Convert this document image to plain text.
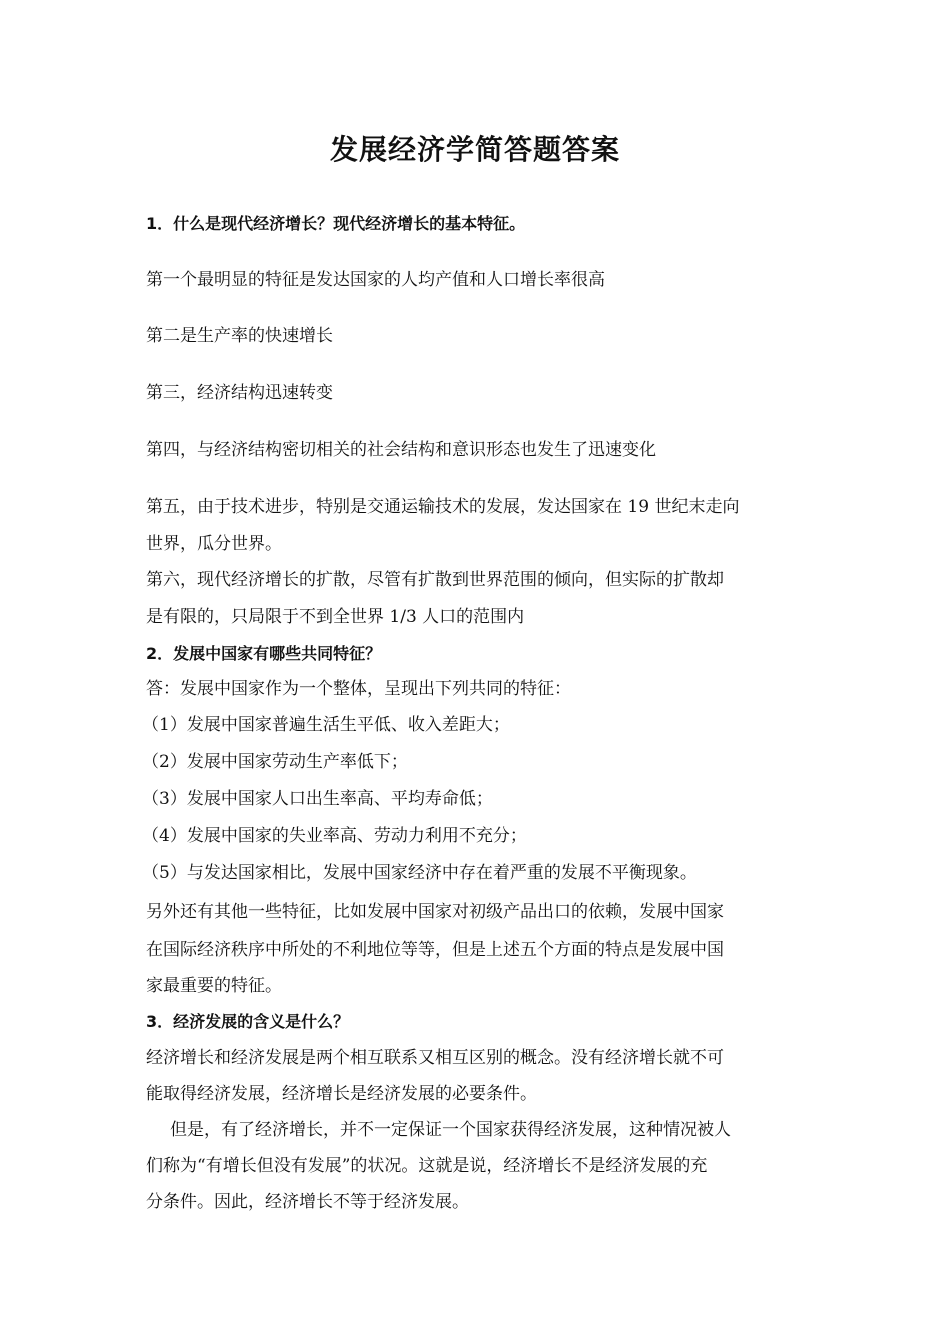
发展经济学简答题答案

1．什么是现代经济增长？现代经济增长的基本特征。

第一个最明显的特征是发达国家的人均产值和人口增长率很高

第二是生产率的快速增长

第三，经济结构迅速转变

第四，与经济结构密切相关的社会结构和意识形态也发生了迅速变化

第五，由于技术进步，特别是交通运输技术的发展，发达国家在 19 世纪末走向

世界，瓜分世界。

第六，现代经济增长的扩散，尽管有扩散到世界范围的倾向，但实际的扩散却

是有限的，只局限于不到全世界 1/3 人口的范围内

2．发展中国家有哪些共同特征？

答：发展中国家作为一个整体，呈现出下列共同的特征：

（1）发展中国家普遍生活生平低、收入差距大；

（2）发展中国家劳动生产率低下；

（3）发展中国家人口出生率高、平均寿命低；

（4）发展中国家的失业率高、劳动力利用不充分；

（5）与发达国家相比，发展中国家经济中存在着严重的发展不平衡现象。

另外还有其他一些特征，比如发展中国家对初级产品出口的依赖，发展中国家

在国际经济秩序中所处的不利地位等等，但是上述五个方面的特点是发展中国

家最重要的特征。

3．经济发展的含义是什么？

经济增长和经济发展是两个相互联系又相互区别的概念。没有经济增长就不可

能取得经济发展，经济增长是经济发展的必要条件。

但是，有了经济增长，并不一定保证一个国家获得经济发展，这种情况被人

们称为“有增长但没有发展”的状况。这就是说，经济增长不是经济发展的充

分条件。因此，经济增长不等于经济发展。
